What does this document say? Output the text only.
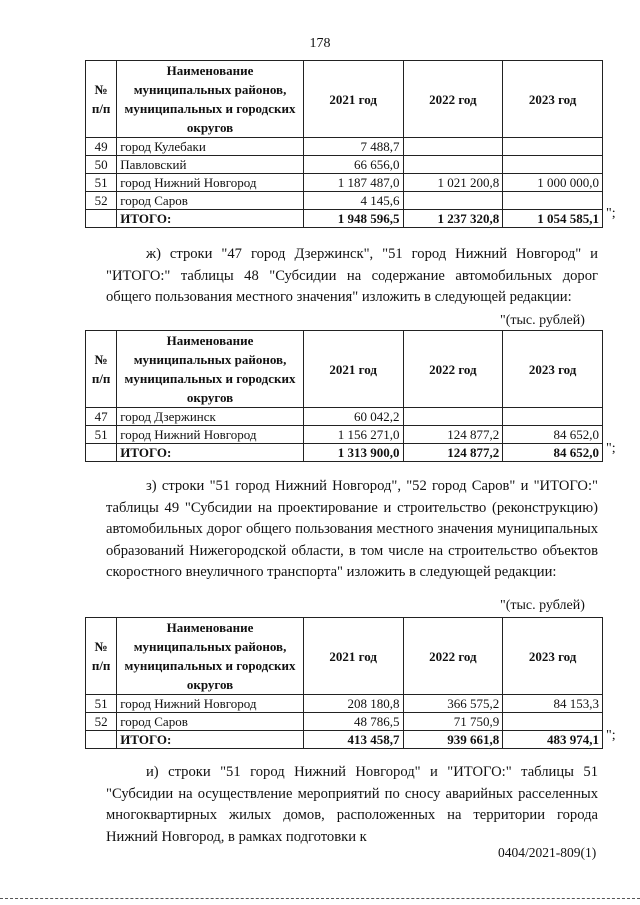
178
№ п/п	Наименование муниципальных районов, муниципальных и городских округов	2021 год	2022 год	2023 год
49	город Кулебаки	7 488,7		
50	Павловский	66 656,0		
51	город Нижний Новгород	1 187 487,0	1 021 200,8	1 000 000,0
52	город Саров	4 145,6		
	ИТОГО:	1 948 596,5	1 237 320,8	1 054 585,1 ";
ж) строки "47 город Дзержинск", "51 город Нижний Новгород" и "ИТОГО:" таблицы 48 "Субсидии на содержание автомобильных дорог общего пользования местного значения" изложить в следующей редакции:
"(тыс. рублей)
№ п/п	Наименование муниципальных районов, муниципальных и городских округов	2021 год	2022 год	2023 год
47	город Дзержинск	60 042,2		
51	город Нижний Новгород	1 156 271,0	124 877,2	84 652,0
	ИТОГО:	1 313 900,0	124 877,2	84 652,0 ";
з) строки "51 город Нижний Новгород", "52 город Саров" и "ИТОГО:" таблицы 49 "Субсидии на проектирование и строительство (реконструкцию) автомобильных дорог общего пользования местного значения муниципальных образований Нижегородской области, в том числе на строительство объектов скоростного внеуличного транспорта" изложить в следующей редакции:
"(тыс. рублей)
№ п/п	Наименование муниципальных районов, муниципальных и городских округов	2021 год	2022 год	2023 год
51	город Нижний Новгород	208 180,8	366 575,2	84 153,3
52	город Саров	48 786,5	71 750,9	
	ИТОГО:	413 458,7	939 661,8	483 974,1 ";
и) строки "51 город Нижний Новгород" и "ИТОГО:" таблицы 51 "Субсидии на осуществление мероприятий по сносу аварийных расселенных многоквартирных жилых домов, расположенных на территории города Нижний Новгород, в рамках подготовки к
0404/2021-809(1)
